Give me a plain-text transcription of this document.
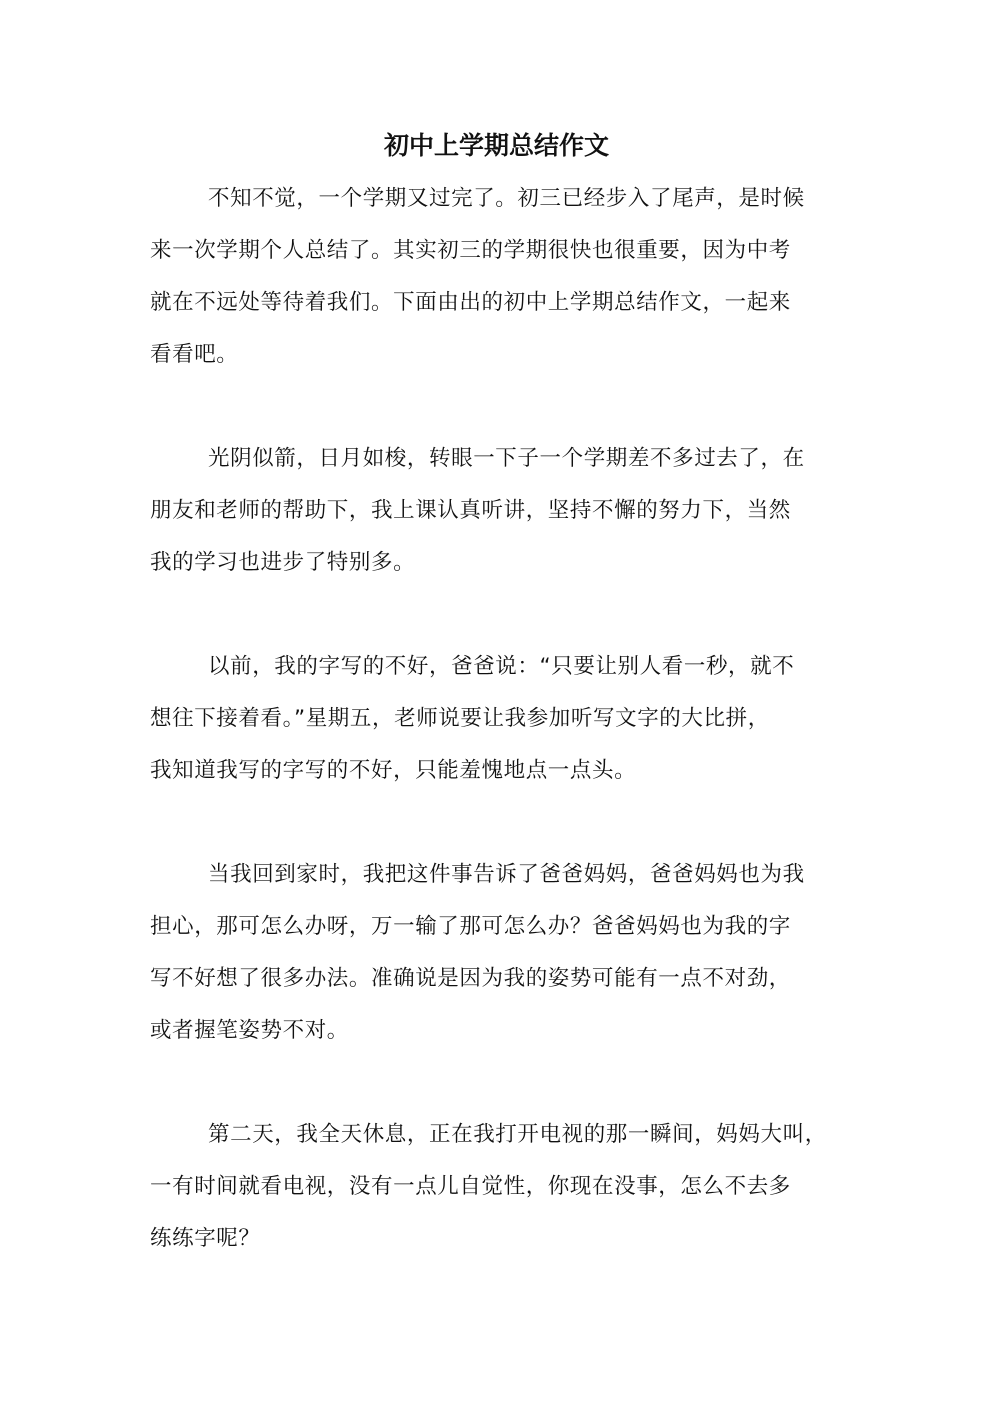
初中上学期总结作文
不知不觉，一个学期又过完了。初三已经步入了尾声，是时候
来一次学期个人总结了。其实初三的学期很快也很重要，因为中考
就在不远处等待着我们。下面由出的初中上学期总结作文，一起来
看看吧。
光阴似箭，日月如梭，转眼一下子一个学期差不多过去了，在
朋友和老师的帮助下，我上课认真听讲，坚持不懈的努力下，当然
我的学习也进步了特别多。
以前，我的字写的不好，爸爸说：“只要让别人看一秒，就不
想往下接着看。”星期五，老师说要让我参加听写文字的大比拼，
我知道我写的字写的不好，只能羞愧地点一点头。
当我回到家时，我把这件事告诉了爸爸妈妈，爸爸妈妈也为我
担心，那可怎么办呀，万一输了那可怎么办？爸爸妈妈也为我的字
写不好想了很多办法。准确说是因为我的姿势可能有一点不对劲，
或者握笔姿势不对。
第二天，我全天休息，正在我打开电视的那一瞬间，妈妈大叫，
一有时间就看电视，没有一点儿自觉性，你现在没事，怎么不去多
练练字呢？
